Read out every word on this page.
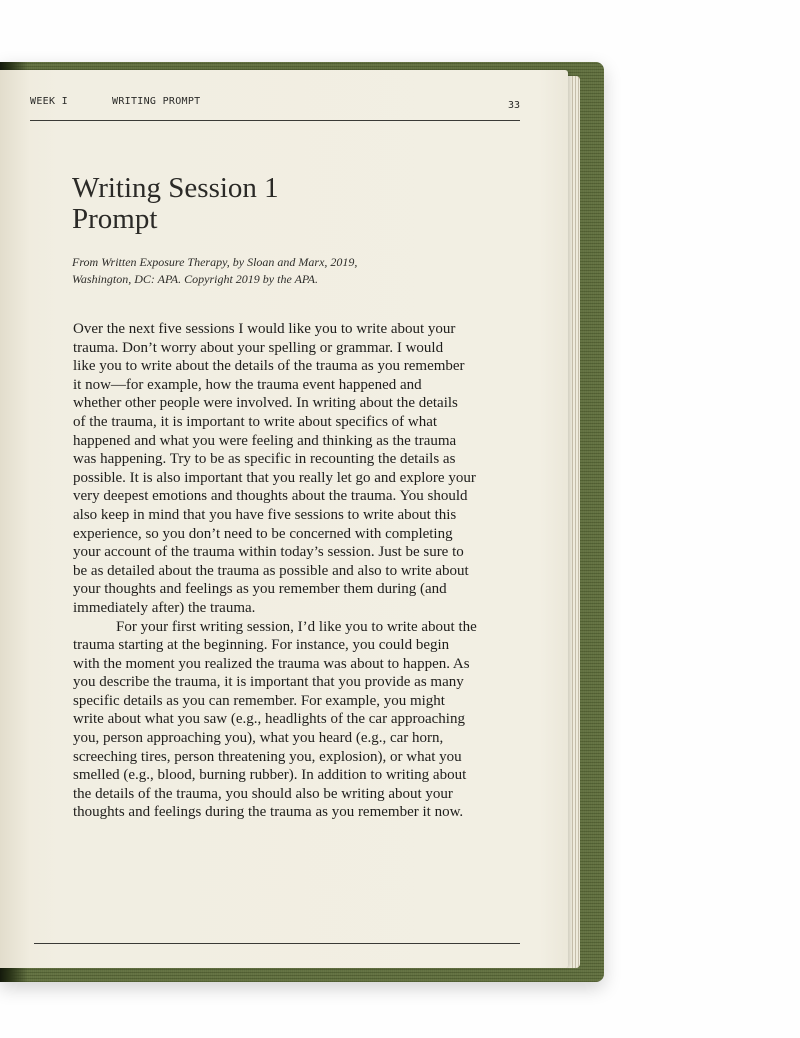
WEEK I	WRITING PROMPT	33
Writing Session 1
Prompt
From Written Exposure Therapy, by Sloan and Marx, 2019,
Washington, DC: APA. Copyright 2019 by the APA.
Over the next five sessions I would like you to write about your
trauma. Don’t worry about your spelling or grammar. I would
like you to write about the details of the trauma as you remember
it now—for example, how the trauma event happened and
whether other people were involved. In writing about the details
of the trauma, it is important to write about specifics of what
happened and what you were feeling and thinking as the trauma
was happening. Try to be as specific in recounting the details as
possible. It is also important that you really let go and explore your
very deepest emotions and thoughts about the trauma. You should
also keep in mind that you have five sessions to write about this
experience, so you don’t need to be concerned with completing
your account of the trauma within today’s session. Just be sure to
be as detailed about the trauma as possible and also to write about
your thoughts and feelings as you remember them during (and
immediately after) the trauma.
For your first writing session, I’d like you to write about the
trauma starting at the beginning. For instance, you could begin
with the moment you realized the trauma was about to happen. As
you describe the trauma, it is important that you provide as many
specific details as you can remember. For example, you might
write about what you saw (e.g., headlights of the car approaching
you, person approaching you), what you heard (e.g., car horn,
screeching tires, person threatening you, explosion), or what you
smelled (e.g., blood, burning rubber). In addition to writing about
the details of the trauma, you should also be writing about your
thoughts and feelings during the trauma as you remember it now.
